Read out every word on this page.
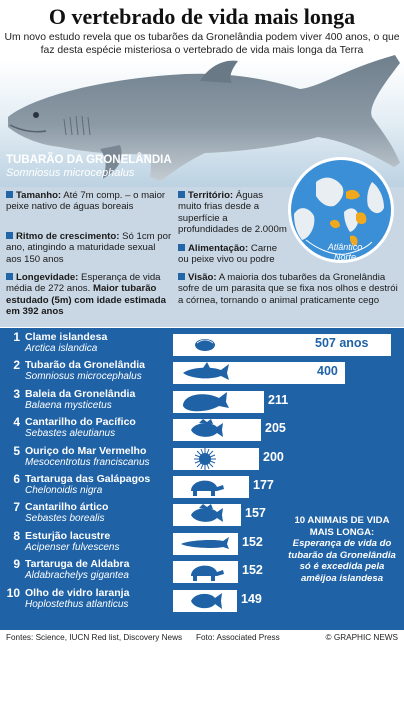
O vertebrado de vida mais longa
Um novo estudo revela que os tubarões da Gronelândia podem viver 400 anos, o que faz desta espécie misteriosa o vertebrado de vida mais longa da Terra
TUBARÃO DA GRONELÂNDIA
Somniosus microcephalus
Tamanho: Até 7m comp. – o maior peixe nativo de águas boreais
Ritmo de crescimento: Só 1cm por ano, atingindo a maturidade sexual aos 150 anos
Longevidade: Esperança de vida média de 272 anos. Maior tubarão estudado (5m) com idade estimada em 392 anos
Território: Águas muito frias desde a superfície a profundidades de 2.000m
Alimentação: Carne ou peixe vivo ou podre
Visão: A maioria dos tubarões da Gronelândia sofre de um parasita que se fixa nos olhos e destrói a córnea, tornando o animal praticamente cego
Atlântico
Norte
GRAPHIC NEWS
1 Clame islandesa
Arctica islandica	507 anos
2 Tubarão da Gronelândia
Somniosus microcephalus	400
3 Baleia da Gronelândia
Balaena mysticetus	211
4 Cantarilho do Pacífico
Sebastes aleutianus	205
5 Ouriço do Mar Vermelho
Mesocentrotus franciscanus	200
6 Tartaruga das Galápagos
Chelonoidis nigra	177
7 Cantarilho ártico
Sebastes borealis	157
8 Esturjão lacustre
Acipenser fulvescens	152
9 Tartaruga de Aldabra
Aldabrachelys gigantea	152
10 Olho de vidro laranja
Hoplostethus atlanticus	149
10 ANIMAIS DE VIDA MAIS LONGA:
Esperança de vida do tubarão da Gronelândia só é excedida pela amêijoa islandesa
Fontes: Science, IUCN Red list, Discovery News Foto: Associated Press	© GRAPHIC NEWS
